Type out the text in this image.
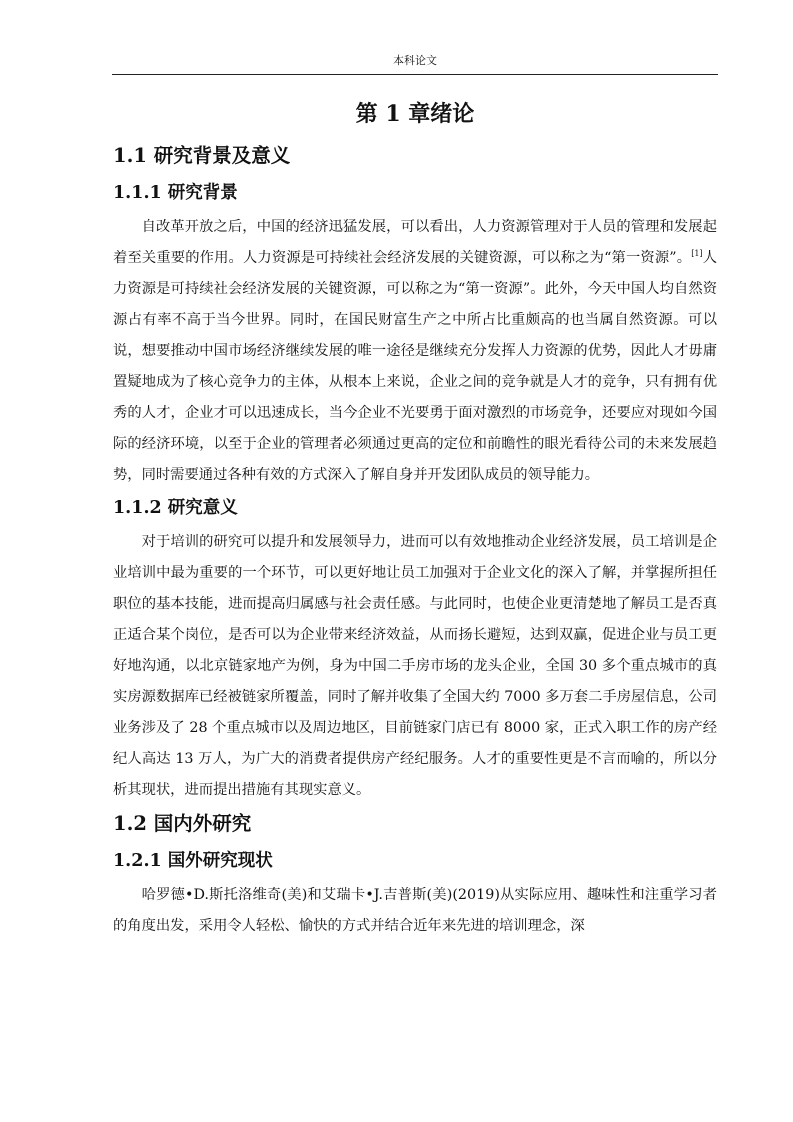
本科论文
第 1 章绪论
1.1 研究背景及意义
1.1.1 研究背景

自改革开放之后，中国的经济迅猛发展，可以看出，人力资源管理对于人员的管理和发展起着至关重要的作用。人力资源是可持续社会经济发展的关键资源，可以称之为“第一资源”。[1]人力资源是可持续社会经济发展的关键资源，可以称之为“第一资源”。此外，今天中国人均自然资源占有率不高于当今世界。同时，在国民财富生产之中所占比重颇高的也当属自然资源。可以说，想要推动中国市场经济继续发展的唯一途径是继续充分发挥人力资源的优势，因此人才毋庸置疑地成为了核心竞争力的主体，从根本上来说，企业之间的竞争就是人才的竞争，只有拥有优秀的人才，企业才可以迅速成长，当今企业不光要勇于面对激烈的市场竞争，还要应对现如今国际的经济环境，以至于企业的管理者必须通过更高的定位和前瞻性的眼光看待公司的未来发展趋势，同时需要通过各种有效的方式深入了解自身并开发团队成员的领导能力。

1.1.2 研究意义

对于培训的研究可以提升和发展领导力，进而可以有效地推动企业经济发展，员工培训是企业培训中最为重要的一个环节，可以更好地让员工加强对于企业文化的深入了解，并掌握所担任职位的基本技能，进而提高归属感与社会责任感。与此同时，也使企业更清楚地了解员工是否真正适合某个岗位，是否可以为企业带来经济效益，从而扬长避短，达到双赢，促进企业与员工更好地沟通，以北京链家地产为例，身为中国二手房市场的龙头企业，全国 30 多个重点城市的真实房源数据库已经被链家所覆盖，同时了解并收集了全国大约 7000 多万套二手房屋信息，公司业务涉及了 28 个重点城市以及周边地区，目前链家门店已有 8000 家，正式入职工作的房产经纪人高达 13 万人，为广大的消费者提供房产经纪服务。人才的重要性更是不言而喻的，所以分析其现状，进而提出措施有其现实意义。

1.2 国内外研究
1.2.1 国外研究现状

哈罗德•D.斯托洛维奇(美)和艾瑞卡•J.吉普斯(美)(2019)从实际应用、趣味性和注重学习者的角度出发，采用令人轻松、愉快的方式并结合近年来先进的培训理念，深
